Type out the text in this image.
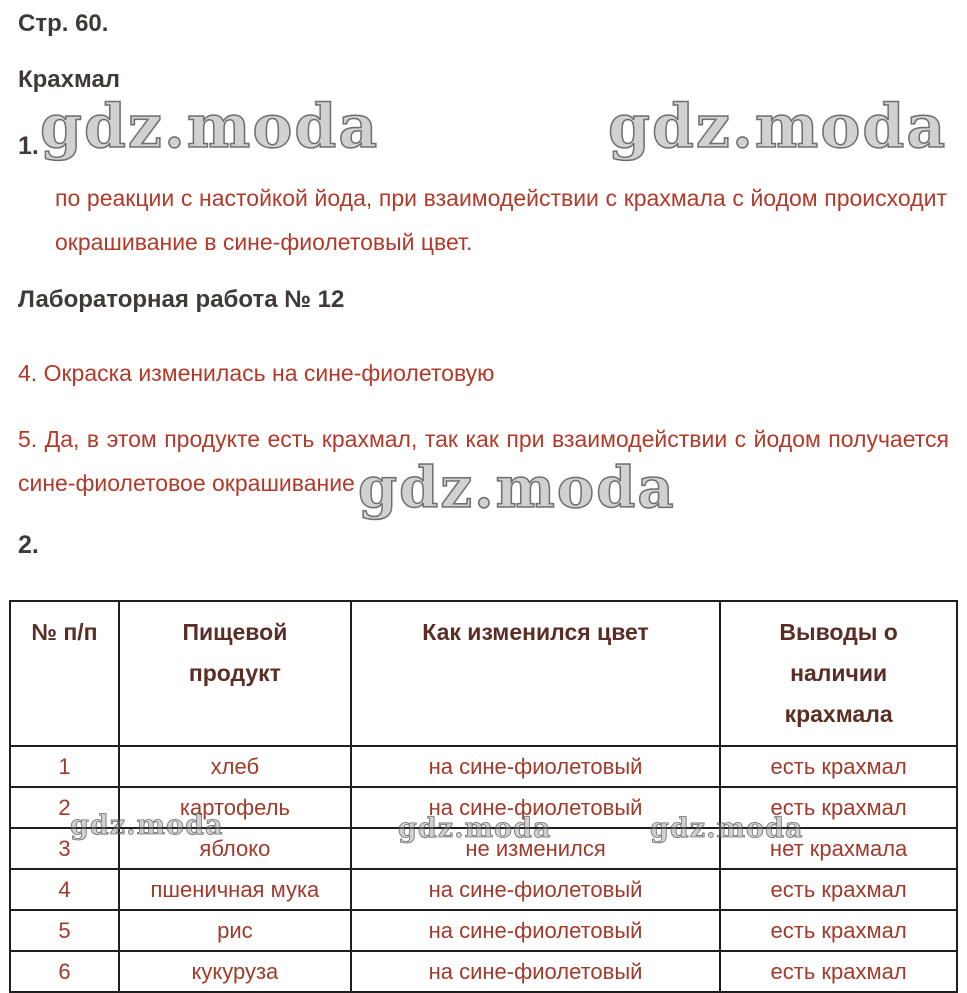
Стр. 60.
Крахмал
1.
по реакции с настойкой йода, при взаимодействии с крахмала с йодом происходит окрашивание в сине-фиолетовый цвет.
Лабораторная работа № 12
4. Окраска изменилась на сине-фиолетовую
5. Да, в этом продукте есть крахмал, так как при взаимодействии с йодом получается сине-фиолетовое окрашивание
2.
№ п/п	Пищевой продукт	Как изменился цвет	Выводы о наличии крахмала
1	хлеб	на сине-фиолетовый	есть крахмал
2	картофель	на сине-фиолетовый	есть крахмал
3	яблоко	не изменился	нет крахмала
4	пшеничная мука	на сине-фиолетовый	есть крахмал
5	рис	на сине-фиолетовый	есть крахмал
6	кукуруза	на сине-фиолетовый	есть крахмал
gdz.moda	gdz.moda
gdz.moda
gdz.moda	gdz.moda	gdz.moda
